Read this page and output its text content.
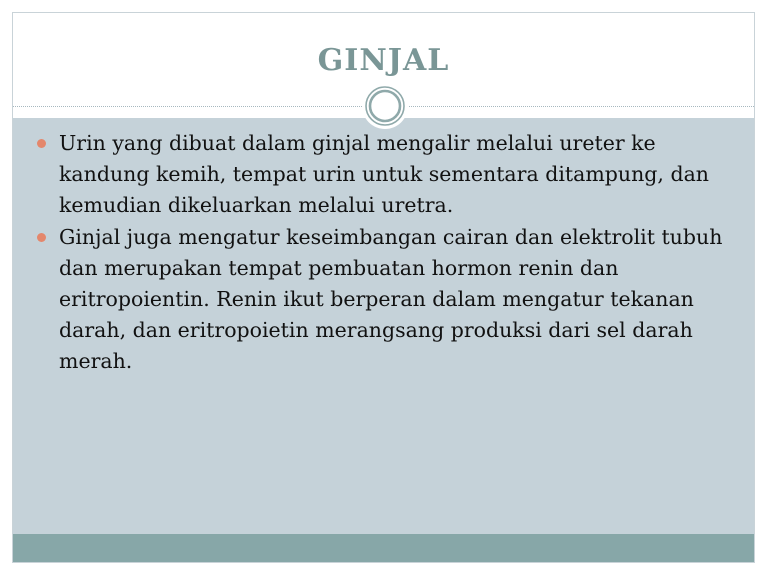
GINJAL
Urin yang dibuat dalam ginjal mengalir melalui ureter ke kandung kemih, tempat urin untuk sementara ditampung, dan kemudian dikeluarkan melalui uretra.
Ginjal juga mengatur keseimbangan cairan dan elektrolit tubuh dan merupakan tempat pembuatan hormon renin dan eritropoientin. Renin ikut berperan dalam mengatur tekanan darah, dan eritropoietin merangsang produksi dari sel darah merah.
